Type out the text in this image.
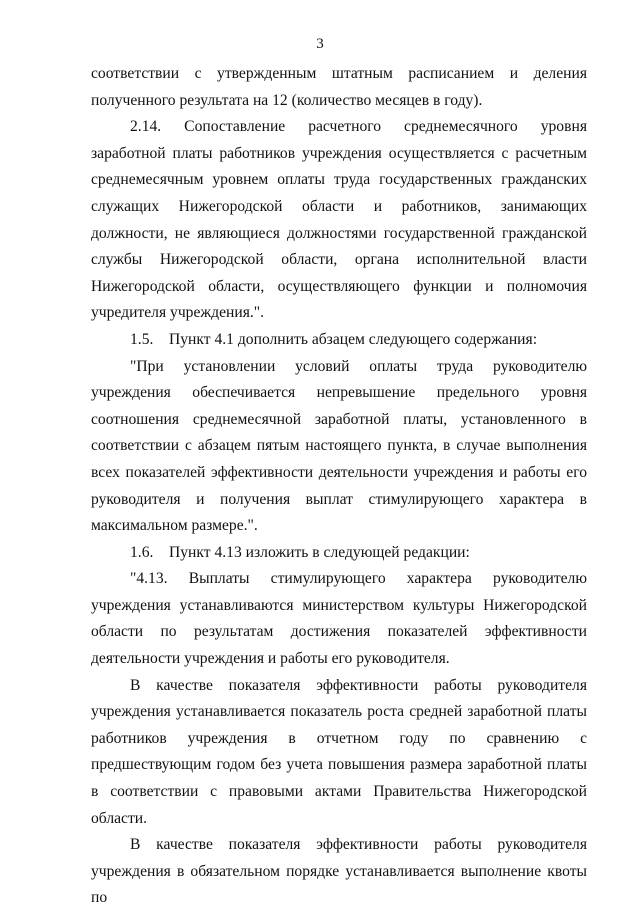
3

соответствии с утвержденным штатным расписанием и деления полученного результата на 12 (количество месяцев в году).

2.14. Сопоставление расчетного среднемесячного уровня заработной платы работников учреждения осуществляется с расчетным среднемесячным уровнем оплаты труда государственных гражданских служащих Нижегородской области и работников, занимающих должности, не являющиеся должностями государственной гражданской службы Нижегородской области, органа исполнительной власти Нижегородской области, осуществляющего функции и полномочия учредителя учреждения.".

1.5.    Пункт 4.1 дополнить абзацем следующего содержания:

"При установлении условий оплаты труда руководителю учреждения обеспечивается непревышение предельного уровня соотношения среднемесячной заработной платы, установленного в соответствии с абзацем пятым настоящего пункта, в случае выполнения всех показателей эффективности деятельности учреждения и работы его руководителя и получения выплат стимулирующего характера в максимальном размере.".

1.6.    Пункт 4.13 изложить в следующей редакции:

"4.13. Выплаты стимулирующего характера руководителю учреждения устанавливаются министерством культуры Нижегородской области по результатам достижения показателей эффективности деятельности учреждения и работы его руководителя.

В качестве показателя эффективности работы руководителя учреждения устанавливается показатель роста средней заработной платы работников учреждения в отчетном году по сравнению с предшествующим годом без учета повышения размера заработной платы в соответствии с правовыми актами Правительства Нижегородской области.

В качестве показателя эффективности работы руководителя учреждения в обязательном порядке устанавливается выполнение квоты по
